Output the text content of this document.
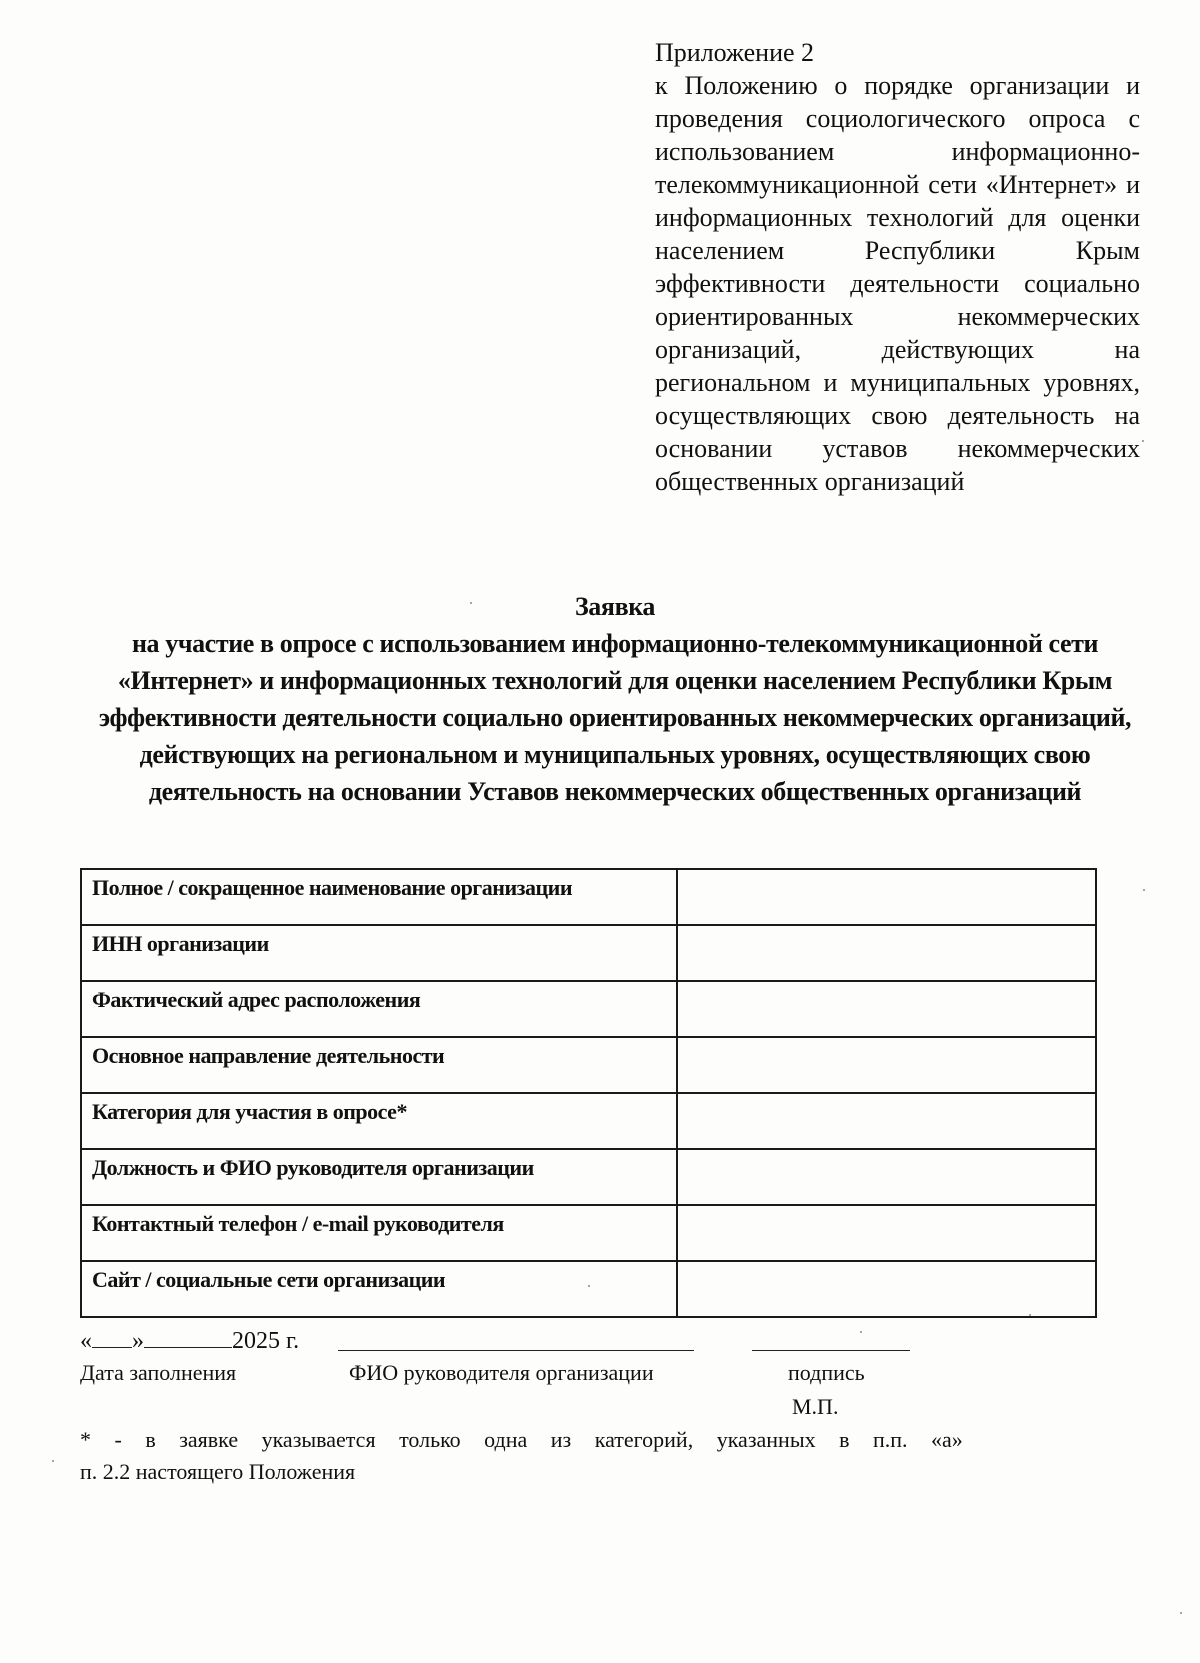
Приложение 2
к Положению о порядке организации и проведения социологического опроса с использованием информационно-телекоммуникационной сети «Интернет» и информационных технологий для оценки населением Республики Крым эффективности деятельности социально ориентированных некоммерческих организаций, действующих на региональном и муниципальных уровнях, осуществляющих свою деятельность на основании уставов некоммерческих общественных организаций
Заявка
на участие в опросе с использованием информационно-телекоммуникационной сети «Интернет» и информационных технологий для оценки населением Республики Крым эффективности деятельности социально ориентированных некоммерческих организаций, действующих на региональном и муниципальных уровнях, осуществляющих свою деятельность на основании Уставов некоммерческих общественных организаций
Полное / сокращенное наименование организации	
ИНН организации	
Фактический адрес расположения	
Основное направление деятельности	
Категория для участия в опросе*	
Должность и ФИО руководителя организации	
Контактный телефон / e-mail руководителя	
Сайт / социальные сети организации	
« »	2025 г.
Дата заполнения	ФИО руководителя организации	подпись
М.П.
* - в заявке указывается только одна из категорий, указанных в п.п. «а»
п. 2.2 настоящего Положения
